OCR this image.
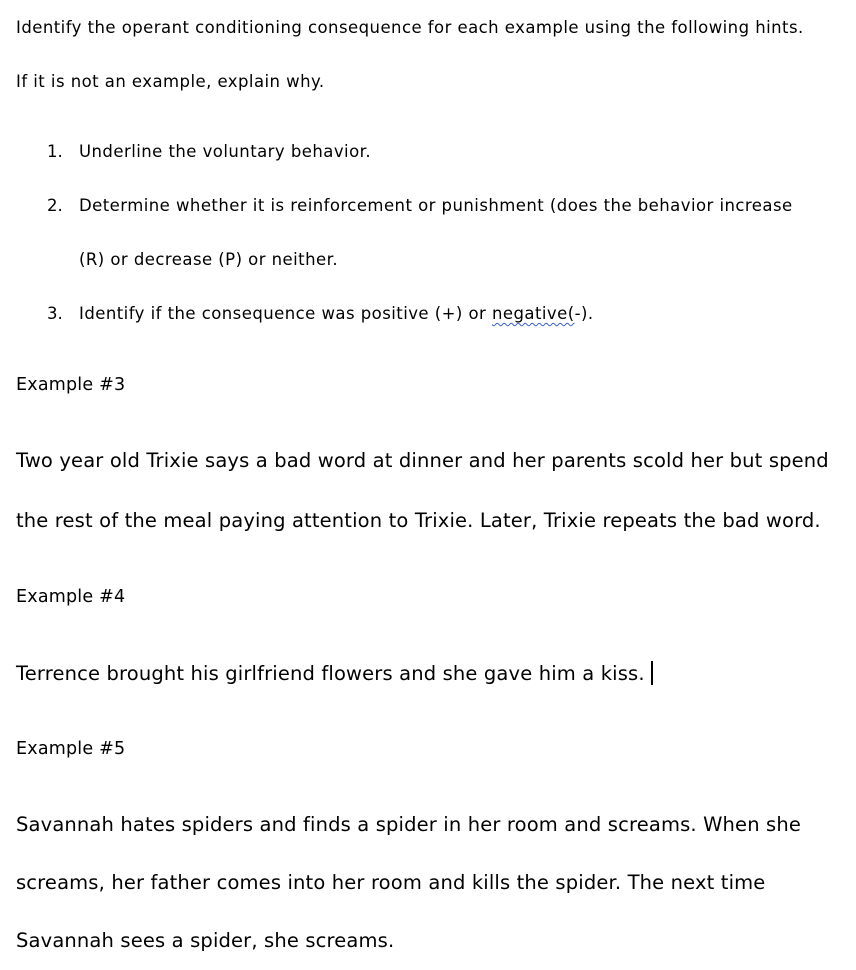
Identify the operant conditioning consequence for each example using the following hints.
If it is not an example, explain why.
1. Underline the voluntary behavior.
2. Determine whether it is reinforcement or punishment (does the behavior increase
(R) or decrease (P) or neither.
3. Identify if the consequence was positive (+) or negative(-).
Example #3
Two year old Trixie says a bad word at dinner and her parents scold her but spend
the rest of the meal paying attention to Trixie. Later, Trixie repeats the bad word.
Example #4
Terrence brought his girlfriend flowers and she gave him a kiss.
Example #5
Savannah hates spiders and finds a spider in her room and screams. When she
screams, her father comes into her room and kills the spider. The next time
Savannah sees a spider, she screams.
